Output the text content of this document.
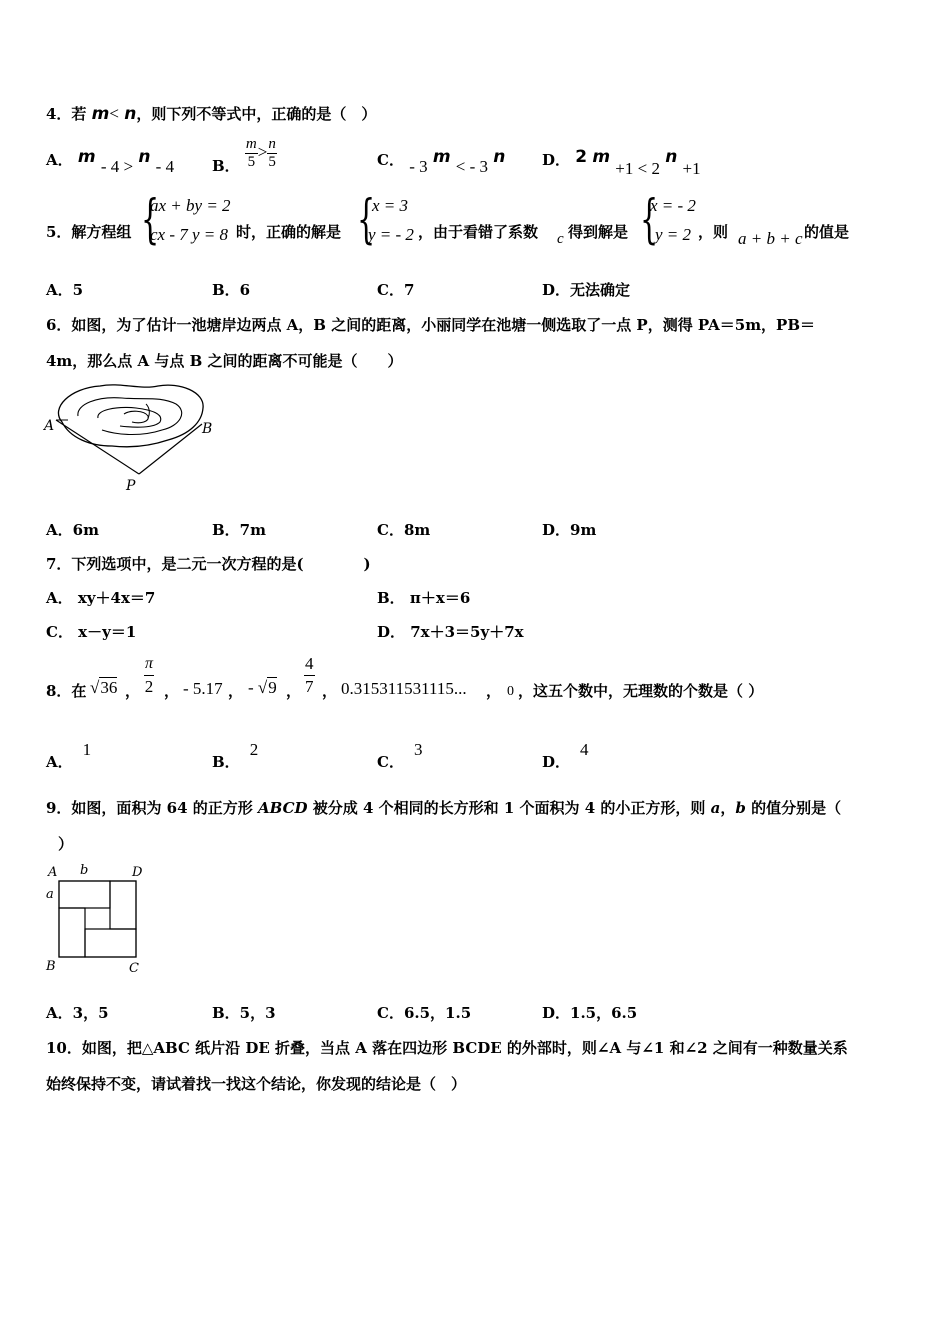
4．若 m< n，则下列不等式中，正确的是（　）
A． m - 4 > n - 4	B． $\frac{m}{5} > \frac{n}{5}$	C． - 3 m < - 3 n D． 2 m +1 < 2 n +1
5．解方程组 {
ax + by = 2
cx - 7 y = 8 时，正确的解是 {
x = 3
y = - 2 ，由于看错了系数 c 得到解是 {
x = - 2
y = 2 ，则 a + b + c 的值是
A．5	B．6	C．7	D．无法确定
6．如图，为了估计一池塘岸边两点 A，B 之间的距离，小丽同学在池塘一侧选取了一点 P，测得 PA＝5m，PB＝
4m，那么点 A 与点 B 之间的距离不可能是（　　）
A	B
P
A．6m	B．7m	C．8m	D．9m
7．下列选项中，是二元一次方程的是(　　　　)
A． xy＋4x＝7	B． π＋x＝6
C． x－y＝1	D． 7x＋3＝5y＋7x
8．在 √36 ， $\frac{\pi}{2}$ ， - 5.17 ， - √9 ， $\frac{4}{7}$ ， 0.315311531115... ， 0 ，这五个数中，无理数的个数是（ ）
A．1
B．2
C．3
D．4
9．如图，面积为 64 的正方形 ABCD 被分成 4 个相同的长方形和 1 个面积为 4 的小正方形，则 a，b 的值分别是（
）
A b	D
a
B	C
A．3，5	B．5，3	C．6.5，1.5	D．1.5，6.5
10．如图，把△ABC 纸片沿 DE 折叠，当点 A 落在四边形 BCDE 的外部时，则∠A 与∠1 和∠2 之间有一种数量关系
始终保持不变，请试着找一找这个结论，你发现的结论是（　）
